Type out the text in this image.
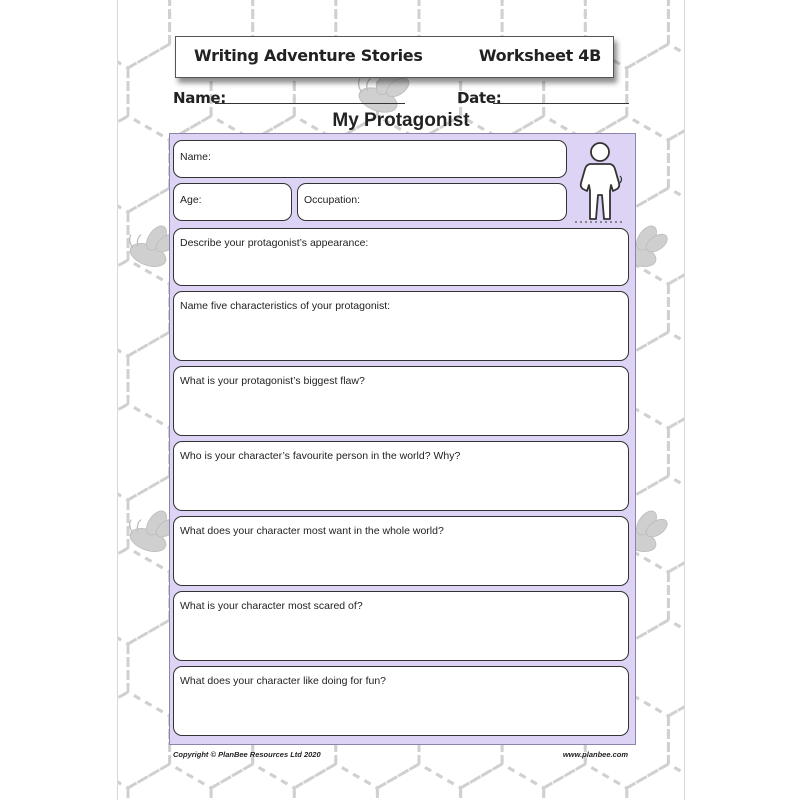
Writing Adventure Stories	Worksheet 4B
Name:	Date:
My Protagonist
Name:
Age:	Occupation:
Describe your protagonist’s appearance:
Name five characteristics of your protagonist:
What is your protagonist’s biggest flaw?
Who is your character’s favourite person in the world? Why?
What does your character most want in the whole world?
What is your character most scared of?
What does your character like doing for fun?
Copyright © PlanBee Resources Ltd 2020	www.planbee.com
